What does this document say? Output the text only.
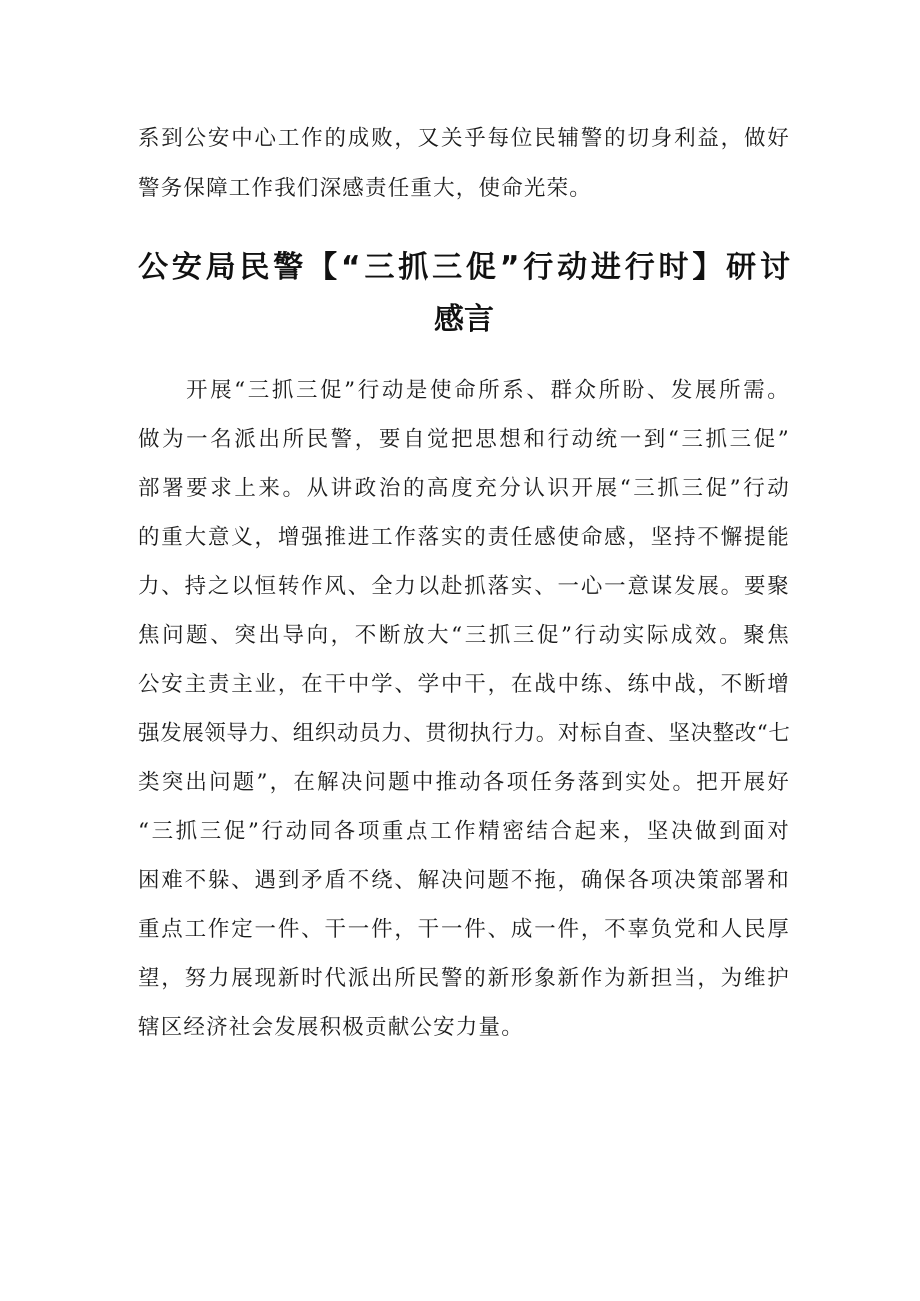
系到公安中心工作的成败，又关乎每位民辅警的切身利益，做好

警务保障工作我们深感责任重大，使命光荣。

公安局民警【“三抓三促”行动进行时】研讨
感言

开展“三抓三促”行动是使命所系、群众所盼、发展所需。

做为一名派出所民警，要自觉把思想和行动统一到“三抓三促”

部署要求上来。从讲政治的高度充分认识开展“三抓三促”行动

的重大意义，增强推进工作落实的责任感使命感，坚持不懈提能

力、持之以恒转作风、全力以赴抓落实、一心一意谋发展。要聚

焦问题、突出导向，不断放大“三抓三促”行动实际成效。聚焦

公安主责主业，在干中学、学中干，在战中练、练中战，不断增

强发展领导力、组织动员力、贯彻执行力。对标自查、坚决整改“七

类突出问题”，在解决问题中推动各项任务落到实处。把开展好

“三抓三促”行动同各项重点工作精密结合起来，坚决做到面对

困难不躲、遇到矛盾不绕、解决问题不拖，确保各项决策部署和

重点工作定一件、干一件，干一件、成一件，不辜负党和人民厚

望，努力展现新时代派出所民警的新形象新作为新担当，为维护

辖区经济社会发展积极贡献公安力量。
